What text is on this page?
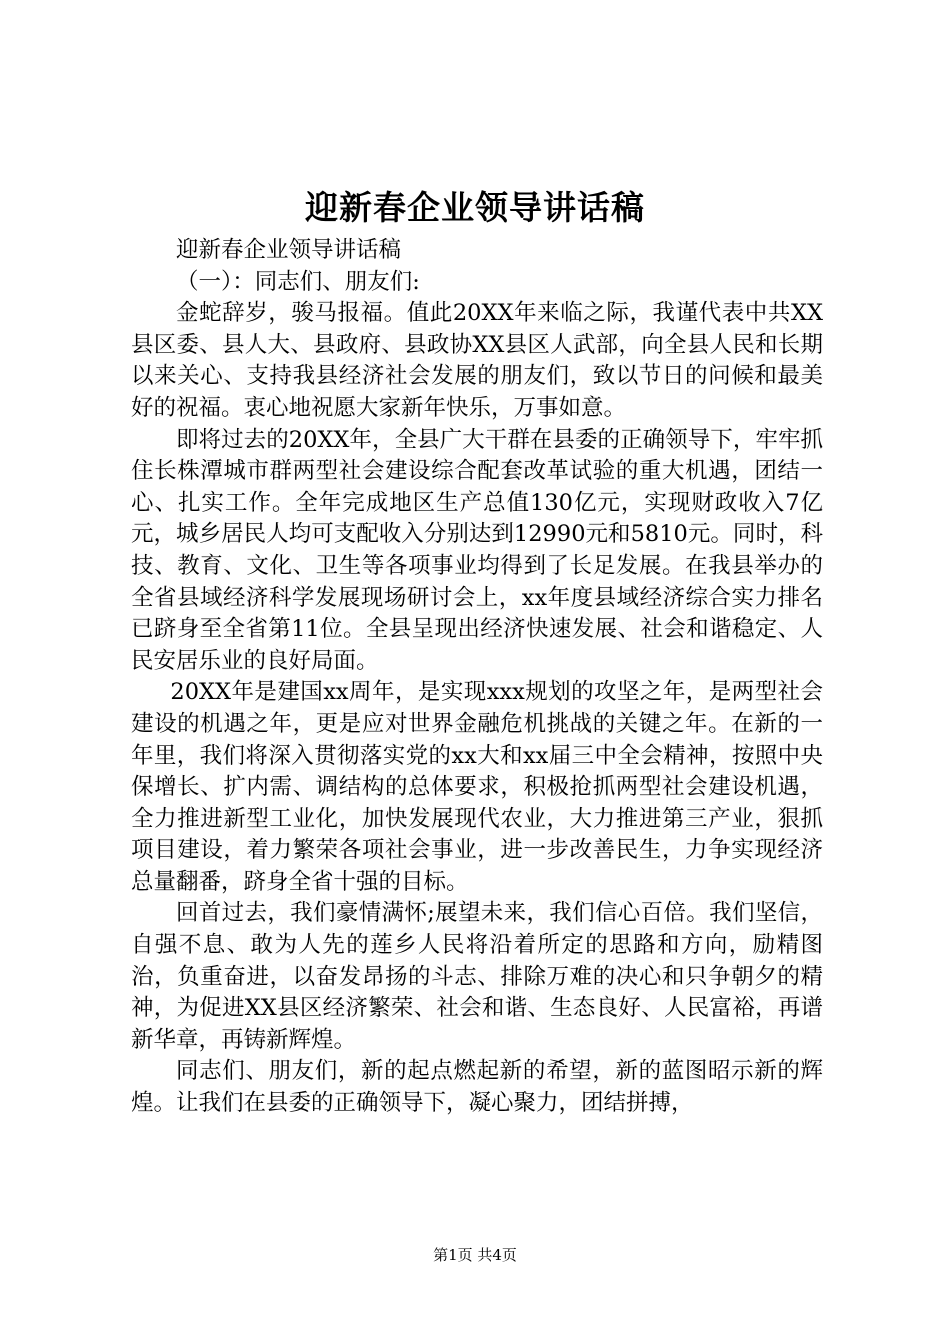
迎新春企业领导讲话稿

迎新春企业领导讲话稿

（一）：同志们、朋友们:

金蛇辞岁，骏马报福。值此20XX年来临之际，我谨代表中共XX县区委、县人大、县政府、县政协XX县区人武部，向全县人民和长期以来关心、支持我县经济社会发展的朋友们，致以节日的问候和最美好的祝福。衷心地祝愿大家新年快乐，万事如意。

即将过去的20XX年，全县广大干群在县委的正确领导下，牢牢抓住长株潭城市群两型社会建设综合配套改革试验的重大机遇，团结一心、扎实工作。全年完成地区生产总值130亿元，实现财政收入7亿元，城乡居民人均可支配收入分别达到12990元和5810元。同时，科技、教育、文化、卫生等各项事业均得到了长足发展。在我县举办的全省县域经济科学发展现场研讨会上，xx年度县域经济综合实力排名已跻身至全省第11位。全县呈现出经济快速发展、社会和谐稳定、人民安居乐业的良好局面。

20XX年是建国xx周年，是实现xxx规划的攻坚之年，是两型社会建设的机遇之年，更是应对世界金融危机挑战的关键之年。在新的一年里，我们将深入贯彻落实党的xx大和xx届三中全会精神，按照中央保增长、扩内需、调结构的总体要求，积极抢抓两型社会建设机遇，全力推进新型工业化，加快发展现代农业，大力推进第三产业，狠抓项目建设，着力繁荣各项社会事业，进一步改善民生，力争实现经济总量翻番，跻身全省十强的目标。

回首过去，我们豪情满怀;展望未来，我们信心百倍。我们坚信，自强不息、敢为人先的莲乡人民将沿着所定的思路和方向，励精图治，负重奋进，以奋发昂扬的斗志、排除万难的决心和只争朝夕的精神，为促进XX县区经济繁荣、社会和谐、生态良好、人民富裕，再谱新华章，再铸新辉煌。

同志们、朋友们，新的起点燃起新的希望，新的蓝图昭示新的辉煌。让我们在县委的正确领导下，凝心聚力，团结拼搏，

第1页 共4页
